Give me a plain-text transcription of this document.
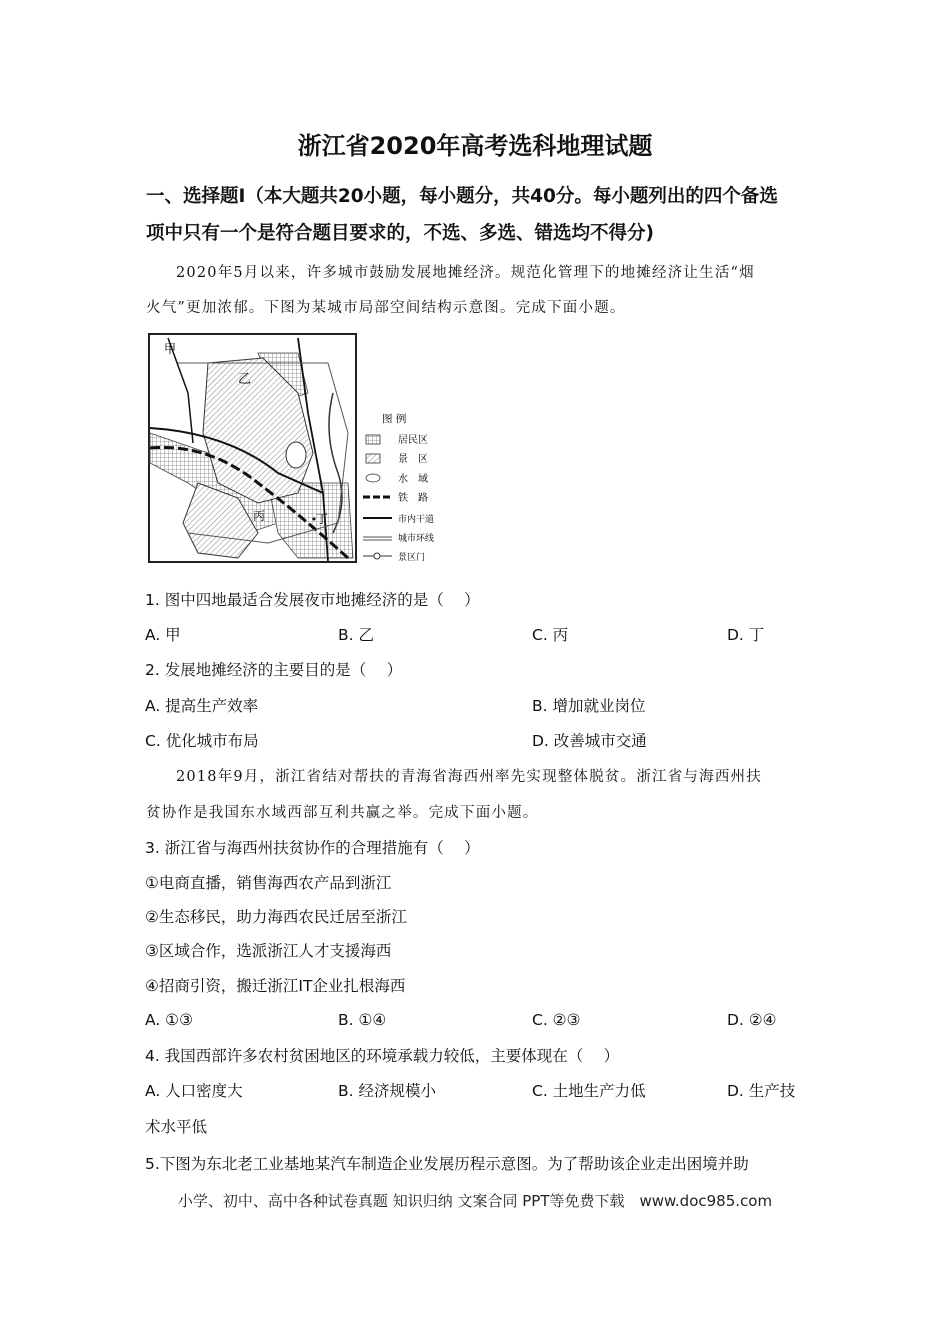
浙江省2020年高考选科地理试题
一、选择题I（本大题共20小题，每小题分，共40分。每小题列出的四个备选
项中只有一个是符合题目要求的，不选、多选、错选均不得分)
2020年5月以来，许多城市鼓励发展地摊经济。规范化管理下的地摊经济让生活“烟
火气”更加浓郁。下图为某城市局部空间结构示意图。完成下面小题。
甲
乙
丙	丁
图 例
居民区
景　区
水　域
铁　路
市内干道
城市环线
景区门
1. 图中四地最适合发展夜市地摊经济的是（　 ）
A. 甲	B. 乙	C. 丙	D. 丁
2. 发展地摊经济的主要目的是（　 ）
A. 提高生产效率	B. 增加就业岗位
C. 优化城市布局	D. 改善城市交通
2018年9月，浙江省结对帮扶的青海省海西州率先实现整体脱贫。浙江省与海西州扶
贫协作是我国东水域西部互利共赢之举。完成下面小题。
3. 浙江省与海西州扶贫协作的合理措施有（　 ）
①电商直播，销售海西农产品到浙江
②生态移民，助力海西农民迁居至浙江
③区域合作，选派浙江人才支援海西
④招商引资，搬迁浙江IT企业扎根海西
A. ①③	B. ①④	C. ②③	D. ②④
4. 我国西部许多农村贫困地区的环境承载力较低，主要体现在（　 ）
A. 人口密度大	B. 经济规模小	C. 土地生产力低	D. 生产技
术水平低
5.下图为东北老工业基地某汽车制造企业发展历程示意图。为了帮助该企业走出困境并助
小学、初中、高中各种试卷真题 知识归纳 文案合同 PPT等免费下载　www.doc985.com
